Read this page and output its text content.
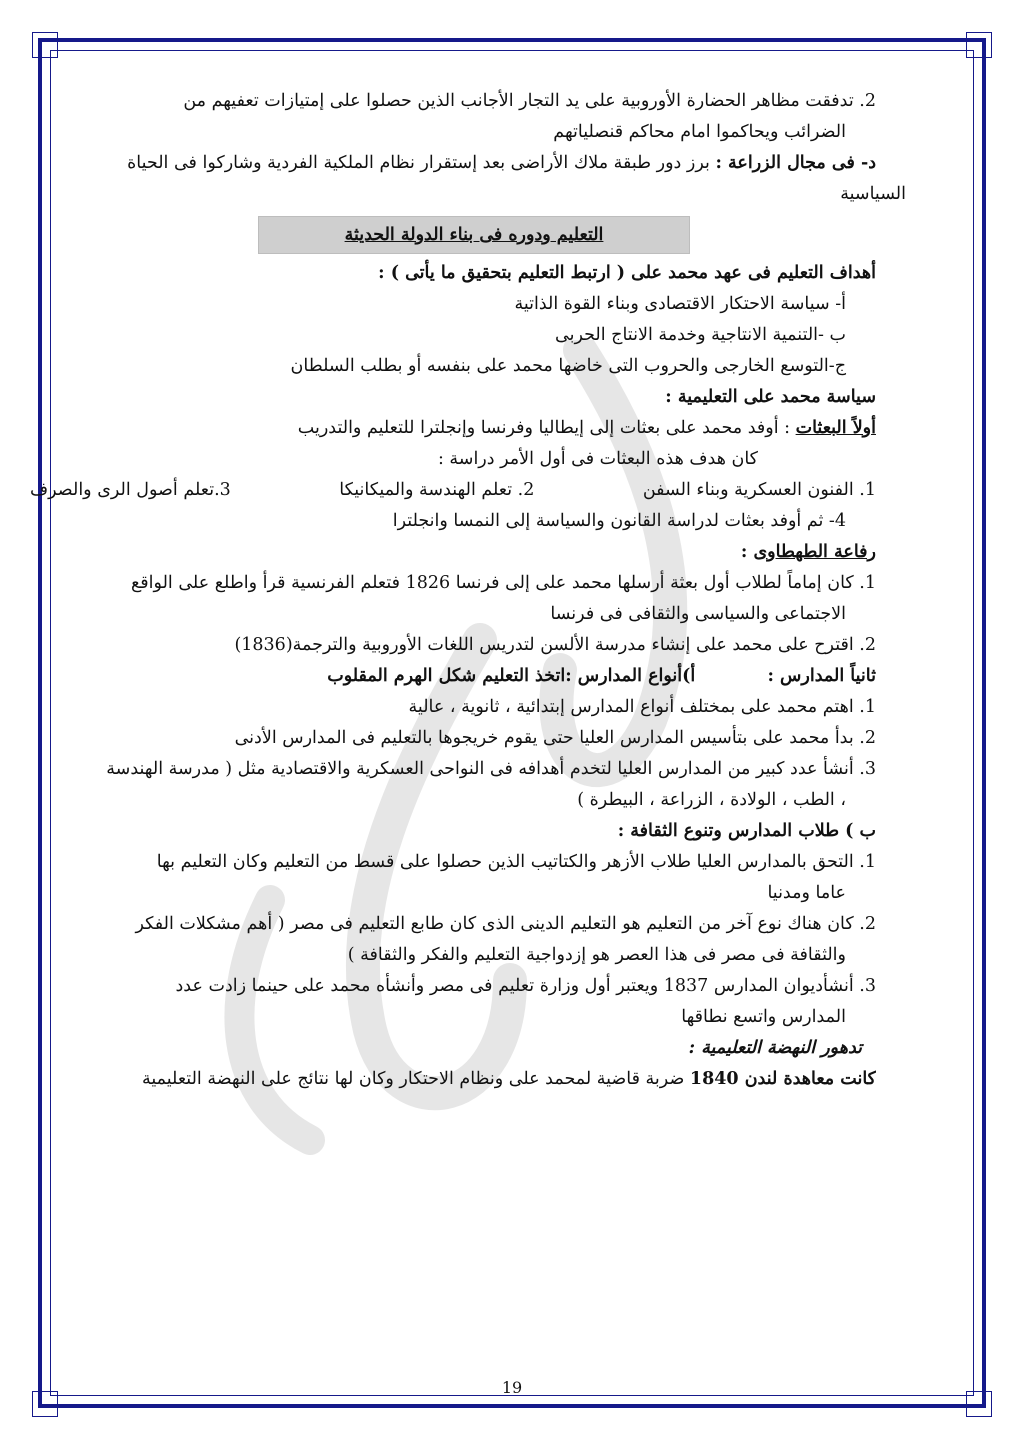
2. تدفقت مظاهر الحضارة الأوروبية على يد التجار الأجانب الذين حصلوا على إمتيازات تعفيهم من
الضرائب ويحاكموا امام محاكم قنصلياتهم
د- فى مجال الزراعة : برز دور طبقة ملاك الأراضى بعد إستقرار نظام الملكية الفردية وشاركوا فى الحياة
السياسية
التعليم ودوره فى بناء الدولة الحديثة
أهداف التعليم فى عهد محمد على ( ارتبط التعليم بتحقيق ما يأتى ) :
أ- سياسة الاحتكار الاقتصادى وبناء القوة الذاتية
ب -التنمية الانتاجية وخدمة الانتاج الحربى
ج-التوسع الخارجى والحروب التى خاضها محمد على بنفسه أو بطلب السلطان
سياسة محمد على التعليمية :
أولاً البعثات : أوفد محمد على بعثات إلى إيطاليا وفرنسا وإنجلترا للتعليم والتدريب
كان هدف هذه البعثات فى أول الأمر دراسة :
1. الفنون العسكرية وبناء السفن
2. تعلم الهندسة والميكانيكا
3.تعلم أصول الرى والصرف
4- ثم أوفد بعثات لدراسة القانون والسياسة إلى النمسا وانجلترا
رفاعة الطهطاوى :
1. كان إماماً لطلاب أول بعثة أرسلها محمد على إلى فرنسا 1826 فتعلم الفرنسية قرأ واطلع على الواقع
الاجتماعى والسياسى والثقافى فى فرنسا
2. اقترح على محمد على إنشاء مدرسة الألسن لتدريس اللغات الأوروبية والترجمة(1836)
ثانياً المدارس :  أ)أنواع المدارس :اتخذ التعليم شكل الهرم المقلوب
1. اهتم محمد على بمختلف أنواع المدارس إبتدائية ، ثانوية ، عالية
2. بدأ محمد على بتأسيس المدارس العليا حتى يقوم خريجوها بالتعليم فى المدارس الأدنى
3. أنشأ عدد كبير من المدارس العليا لتخدم أهدافه فى النواحى العسكرية والاقتصادية مثل ( مدرسة الهندسة
، الطب ، الولادة ، الزراعة ، البيطرة )
ب ) طلاب المدارس وتنوع الثقافة :
1. التحق بالمدارس العليا طلاب الأزهر والكتاتيب الذين حصلوا على قسط من التعليم وكان التعليم بها
عاما ومدنيا
2. كان هناك نوع آخر من التعليم هو التعليم الدينى الذى كان طابع التعليم فى مصر ( أهم مشكلات الفكر
والثقافة فى مصر فى هذا العصر هو إزدواجية التعليم والفكر والثقافة )
3. أنشأديوان المدارس 1837 ويعتبر أول وزارة تعليم فى مصر وأنشأه محمد على حينما زادت عدد
المدارس واتسع نطاقها
تدهور النهضة التعليمية :
كانت معاهدة لندن 1840 ضربة قاضية لمحمد على ونظام الاحتكار وكان لها نتائج على النهضة التعليمية
19
